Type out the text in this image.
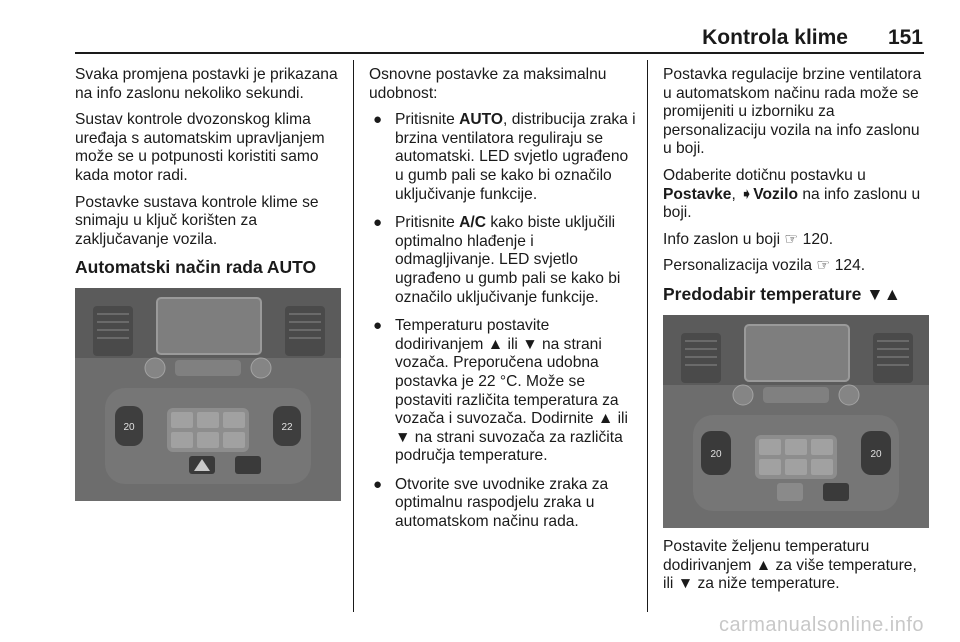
Kontrola klime 151

Svaka promjena postavki je prikazana na info zaslonu nekoliko sekundi.

Sustav kontrole dvozonskog klima uređaja s automatskim upravljanjem može se u potpunosti koristiti samo kada motor radi.

Postavke sustava kontrole klime se snimaju u ključ korišten za zaključavanje vozila.

Automatski način rada AUTO
20	22

Osnovne postavke za maksimalnu udobnost:

● Pritisnite AUTO, distribucija zraka i brzina ventilatora reguliraju se automatski. LED svjetlo ugrađeno u gumb pali se kako bi označilo uključivanje funkcije.
● Pritisnite A/C kako biste uključili optimalno hlađenje i odmagljivanje. LED svjetlo ugrađeno u gumb pali se kako bi označilo uključivanje funkcije.
● Temperaturu postavite dodirivanjem ▲ ili ▼ na strani vozača. Preporučena udobna postavka je 22 °C. Može se postaviti različita temperatura za vozača i suvozača. Dodirnite ▲ ili ▼ na strani suvozača za različita područja temperature.
● Otvorite sve uvodnike zraka za optimalnu raspodjelu zraka u automatskom načinu rada.

Postavka regulacije brzine ventilatora u automatskom načinu rada može se promijeniti u izborniku za personalizaciju vozila na info zaslonu u boji.

Odaberite dotičnu postavku u Postavke, ➧Vozilo na info zaslonu u boji.

Info zaslon u boji ☞ 120.

Personalizacija vozila ☞ 124.

Predodabir temperature ▼▲
20	20

Postavite željenu temperaturu dodirivanjem ▲ za više temperature, ili ▼ za niže temperature.

carmanualsonline.info
